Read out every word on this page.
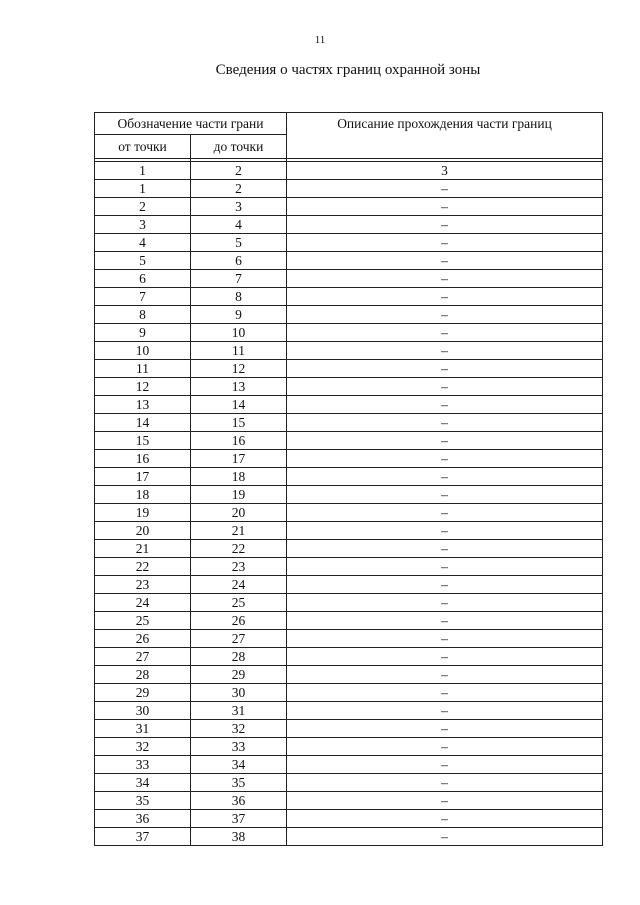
11
Сведения о частях границ охранной зоны
Обозначение части грани		Описание прохождения части границ
от точки	до точки	

1	2	3
1	2	–
2	3	–
3	4	–
4	5	–
5	6	–
6	7	–
7	8	–
8	9	–
9	10	–
10	11	–
11	12	–
12	13	–
13	14	–
14	15	–
15	16	–
16	17	–
17	18	–
18	19	–
19	20	–
20	21	–
21	22	–
22	23	–
23	24	–
24	25	–
25	26	–
26	27	–
27	28	–
28	29	–
29	30	–
30	31	–
31	32	–
32	33	–
33	34	–
34	35	–
35	36	–
36	37	–
37	38	–
